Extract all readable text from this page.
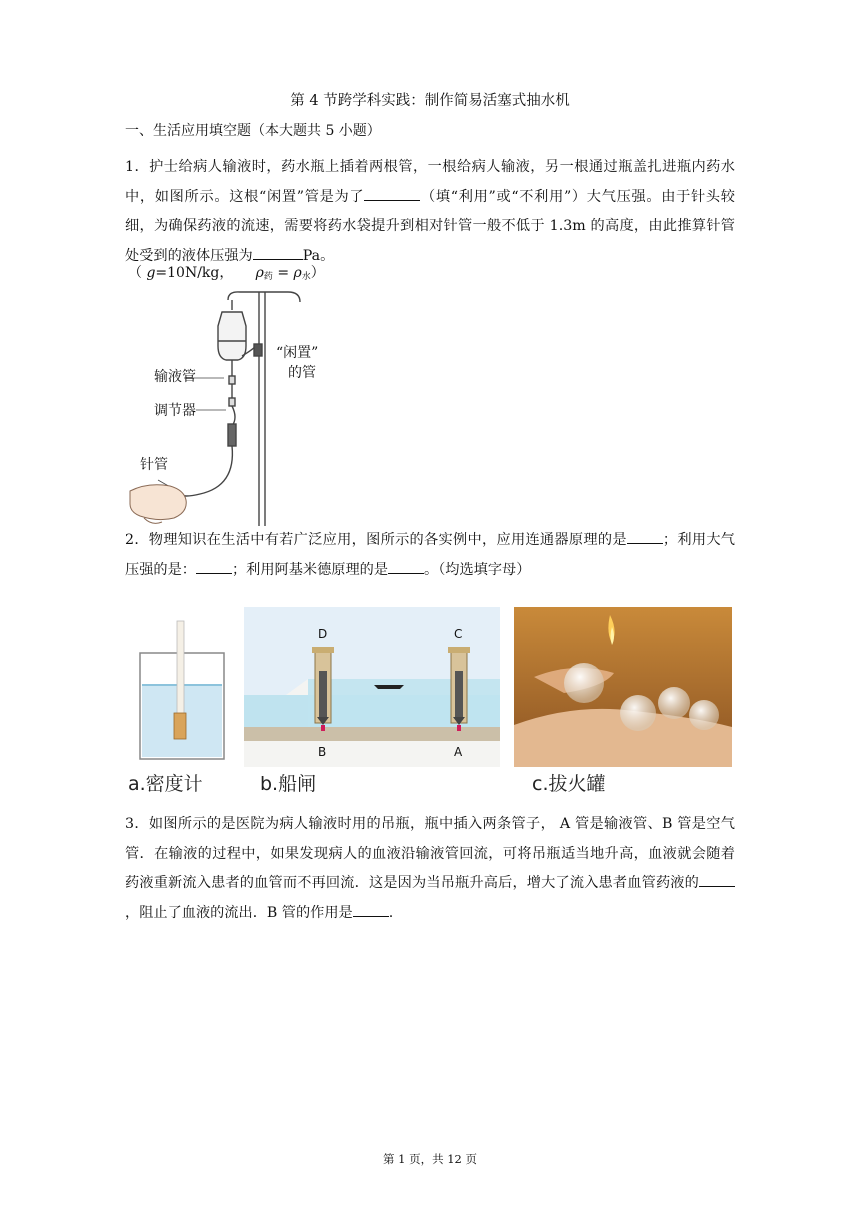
第 4 节跨学科实践：制作简易活塞式抽水机
一、生活应用填空题（本大题共 5 小题）
1．护士给病人输液时，药水瓶上插着两根管，一根给病人输液，另一根通过瓶盖扎进瓶内药水中，如图所示。这根“闲置”管是为了	（填“利用”或“不利用”）大气压强。由于针头较细，为确保药液的流速，需要将药水袋提升到相对针管一般不低于 1.3m 的高度，由此推算针管处受到的液体压强为	Pa。
（ g=10N/kg， $\rho_药 = \rho_水$）
输液管
调节器
针管
“闲置”
的管
2．物理知识在生活中有若广泛应用，图所示的各实例中，应用连通器原理的是	；利用大气压强的是：	；利用阿基米德原理的是	。（均选填字母）
a.密度计
D	C
B	A
b.船闸	c.拔火罐
3．如图所示的是医院为病人输液时用的吊瓶，瓶中插入两条管子， A 管是输液管、B 管是空气管．在输液的过程中，如果发现病人的血液沿输液管回流，可将吊瓶适当地升高，血液就会随着药液重新流入患者的血管而不再回流．这是因为当吊瓶升高后，增大了流入患者血管药液的，阻止了血液的流出．B 管的作用是	.
第 1 页，共 12 页
